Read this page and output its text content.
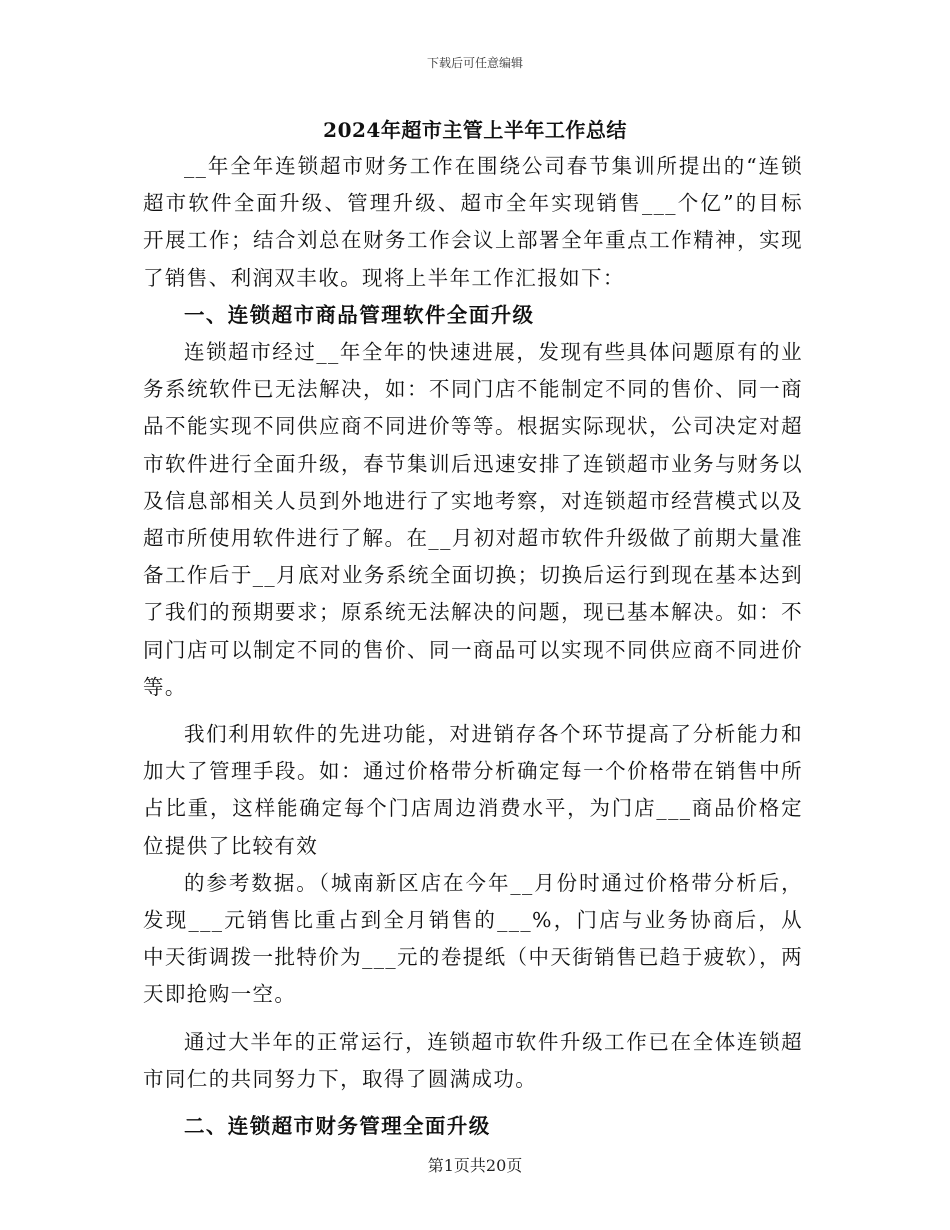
下载后可任意编辑
2024年超市主管上半年工作总结

__年全年连锁超市财务工作在围绕公司春节集训所提出的“连锁超市软件全面升级、管理升级、超市全年实现销售___个亿”的目标开展工作；结合刘总在财务工作会议上部署全年重点工作精神，实现了销售、利润双丰收。现将上半年工作汇报如下：

一、连锁超市商品管理软件全面升级

连锁超市经过__年全年的快速进展，发现有些具体问题原有的业务系统软件已无法解决，如：不同门店不能制定不同的售价、同一商品不能实现不同供应商不同进价等等。根据实际现状，公司决定对超市软件进行全面升级，春节集训后迅速安排了连锁超市业务与财务以及信息部相关人员到外地进行了实地考察，对连锁超市经营模式以及超市所使用软件进行了解。在__月初对超市软件升级做了前期大量准备工作后于__月底对业务系统全面切换；切换后运行到现在基本达到了我们的预期要求；原系统无法解决的问题，现已基本解决。如：不同门店可以制定不同的售价、同一商品可以实现不同供应商不同进价等。

我们利用软件的先进功能，对进销存各个环节提高了分析能力和加大了管理手段。如：通过价格带分析确定每一个价格带在销售中所占比重，这样能确定每个门店周边消费水平，为门店___商品价格定位提供了比较有效

的参考数据。（城南新区店在今年__月份时通过价格带分析后，发现___元销售比重占到全月销售的___%，门店与业务协商后，从中天街调拨一批特价为___元的卷提纸（中天街销售已趋于疲软），两天即抢购一空。

通过大半年的正常运行，连锁超市软件升级工作已在全体连锁超市同仁的共同努力下，取得了圆满成功。

二、连锁超市财务管理全面升级

第1页共20页
